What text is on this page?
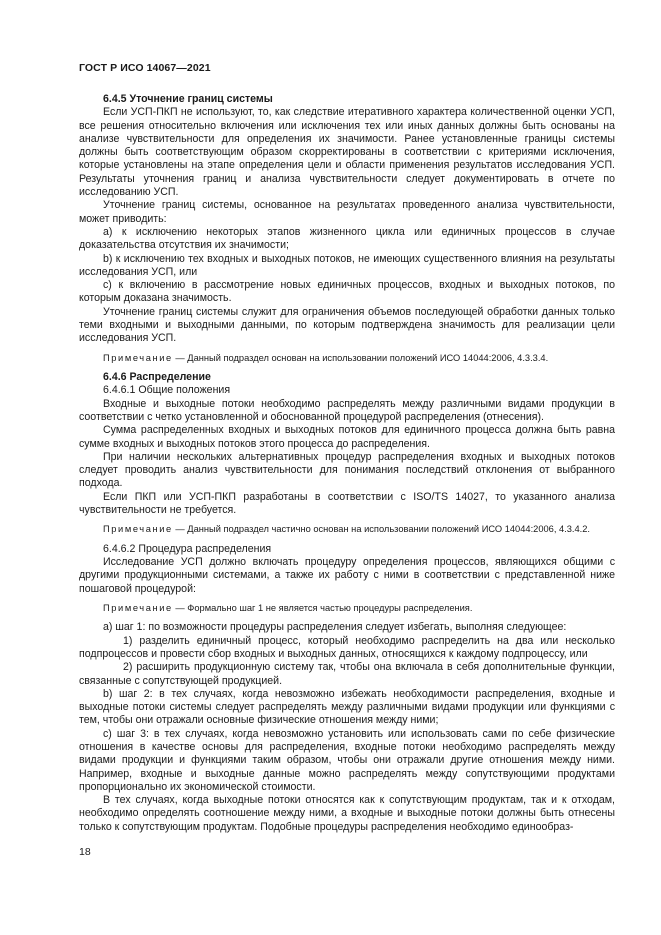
ГОСТ Р ИСО 14067—2021

6.4.5 Уточнение границ системы

Если УСП-ПКП не используют, то, как следствие итеративного характера количественной оценки УСП, все решения относительно включения или исключения тех или иных данных должны быть основаны на анализе чувствительности для определения их значимости. Ранее установленные границы системы должны быть соответствующим образом скорректированы в соответствии с критериями исключения, которые установлены на этапе определения цели и области применения результатов исследования УСП. Результаты уточнения границ и анализа чувствительности следует документировать в отчете по исследованию УСП.

Уточнение границ системы, основанное на результатах проведенного анализа чувствительности, может приводить:

а) к исключению некоторых этапов жизненного цикла или единичных процессов в случае доказательства отсутствия их значимости;

b) к исключению тех входных и выходных потоков, не имеющих существенного влияния на результаты исследования УСП, или

с) к включению в рассмотрение новых единичных процессов, входных и выходных потоков, по которым доказана значимость.

Уточнение границ системы служит для ограничения объемов последующей обработки данных только теми входными и выходными данными, по которым подтверждена значимость для реализации цели исследования УСП.

Примечание — Данный подраздел основан на использовании положений ИСО 14044:2006, 4.3.3.4.

6.4.6 Распределение

6.4.6.1 Общие положения

Входные и выходные потоки необходимо распределять между различными видами продукции в соответствии с четко установленной и обоснованной процедурой распределения (отнесения).

Сумма распределенных входных и выходных потоков для единичного процесса должна быть равна сумме входных и выходных потоков этого процесса до распределения.

При наличии нескольких альтернативных процедур распределения входных и выходных потоков следует проводить анализ чувствительности для понимания последствий отклонения от выбранного подхода.

Если ПКП или УСП-ПКП разработаны в соответствии с ISO/TS 14027, то указанного анализа чувствительности не требуется.

Примечание — Данный подраздел частично основан на использовании положений ИСО 14044:2006, 4.3.4.2.

6.4.6.2 Процедура распределения

Исследование УСП должно включать процедуру определения процессов, являющихся общими с другими продукционными системами, а также их работу с ними в соответствии с представленной ниже пошаговой процедурой:

Примечание — Формально шаг 1 не является частью процедуры распределения.

а) шаг 1: по возможности процедуры распределения следует избегать, выполняя следующее:

1) разделить единичный процесс, который необходимо распределить на два или несколько подпроцессов и провести сбор входных и выходных данных, относящихся к каждому подпроцессу, или

2) расширить продукционную систему так, чтобы она включала в себя дополнительные функции, связанные с сопутствующей продукцией.

b) шаг 2: в тех случаях, когда невозможно избежать необходимости распределения, входные и выходные потоки системы следует распределять между различными видами продукции или функциями с тем, чтобы они отражали основные физические отношения между ними;

с) шаг 3: в тех случаях, когда невозможно установить или использовать сами по себе физические отношения в качестве основы для распределения, входные потоки необходимо распределять между видами продукции и функциями таким образом, чтобы они отражали другие отношения между ними. Например, входные и выходные данные можно распределять между сопутствующими продуктами пропорционально их экономической стоимости.

В тех случаях, когда выходные потоки относятся как к сопутствующим продуктам, так и к отходам, необходимо определять соотношение между ними, а входные и выходные потоки должны быть отнесены только к сопутствующим продуктам. Подобные процедуры распределения необходимо единообраз-

18
